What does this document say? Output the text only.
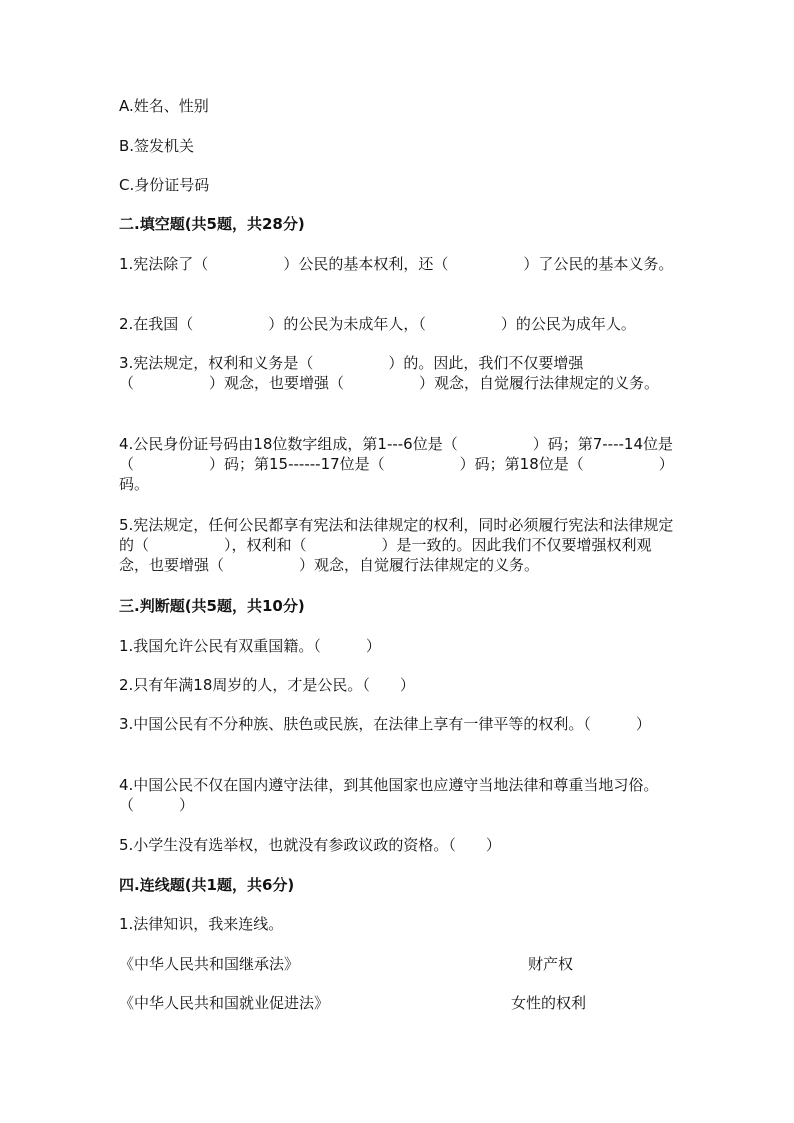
A.姓名、性别
B.签发机关
C.身份证号码
二.填空题(共5题，共28分)
1.宪法除了（　　　　　）公民的基本权利，还（　　　　　）了公民的基本义务。
2.在我国（　　　　　）的公民为未成年人，（　　　　　）的公民为成年人。
3.宪法规定，权利和义务是（　　　　　）的。因此，我们不仅要增强（　　　　　）观念，也要增强（　　　　　）观念，自觉履行法律规定的义务。
4.公民身份证号码由18位数字组成，第1---6位是（　　　　　）码；第7----14位是（　　　　　）码；第15------17位是（　　　　　）码；第18位是（　　　　　）码。
5.宪法规定，任何公民都享有宪法和法律规定的权利，同时必须履行宪法和法律规定的（　　　　　），权利和（　　　　　）是一致的。因此我们不仅要增强权利观念，也要增强（　　　　　）观念，自觉履行法律规定的义务。
三.判断题(共5题，共10分)
1.我国允许公民有双重国籍。（　　　）
2.只有年满18周岁的人，才是公民。（　　）
3.中国公民有不分种族、肤色或民族，在法律上享有一律平等的权利。（　　　）
4.中国公民不仅在国内遵守法律，到其他国家也应遵守当地法律和尊重当地习俗。（　　　）
5.小学生没有选举权，也就没有参政议政的资格。（　　）
四.连线题(共1题，共6分)
1.法律知识，我来连线。
《中华人民共和国继承法》	财产权
《中华人民共和国就业促进法》	女性的权利
